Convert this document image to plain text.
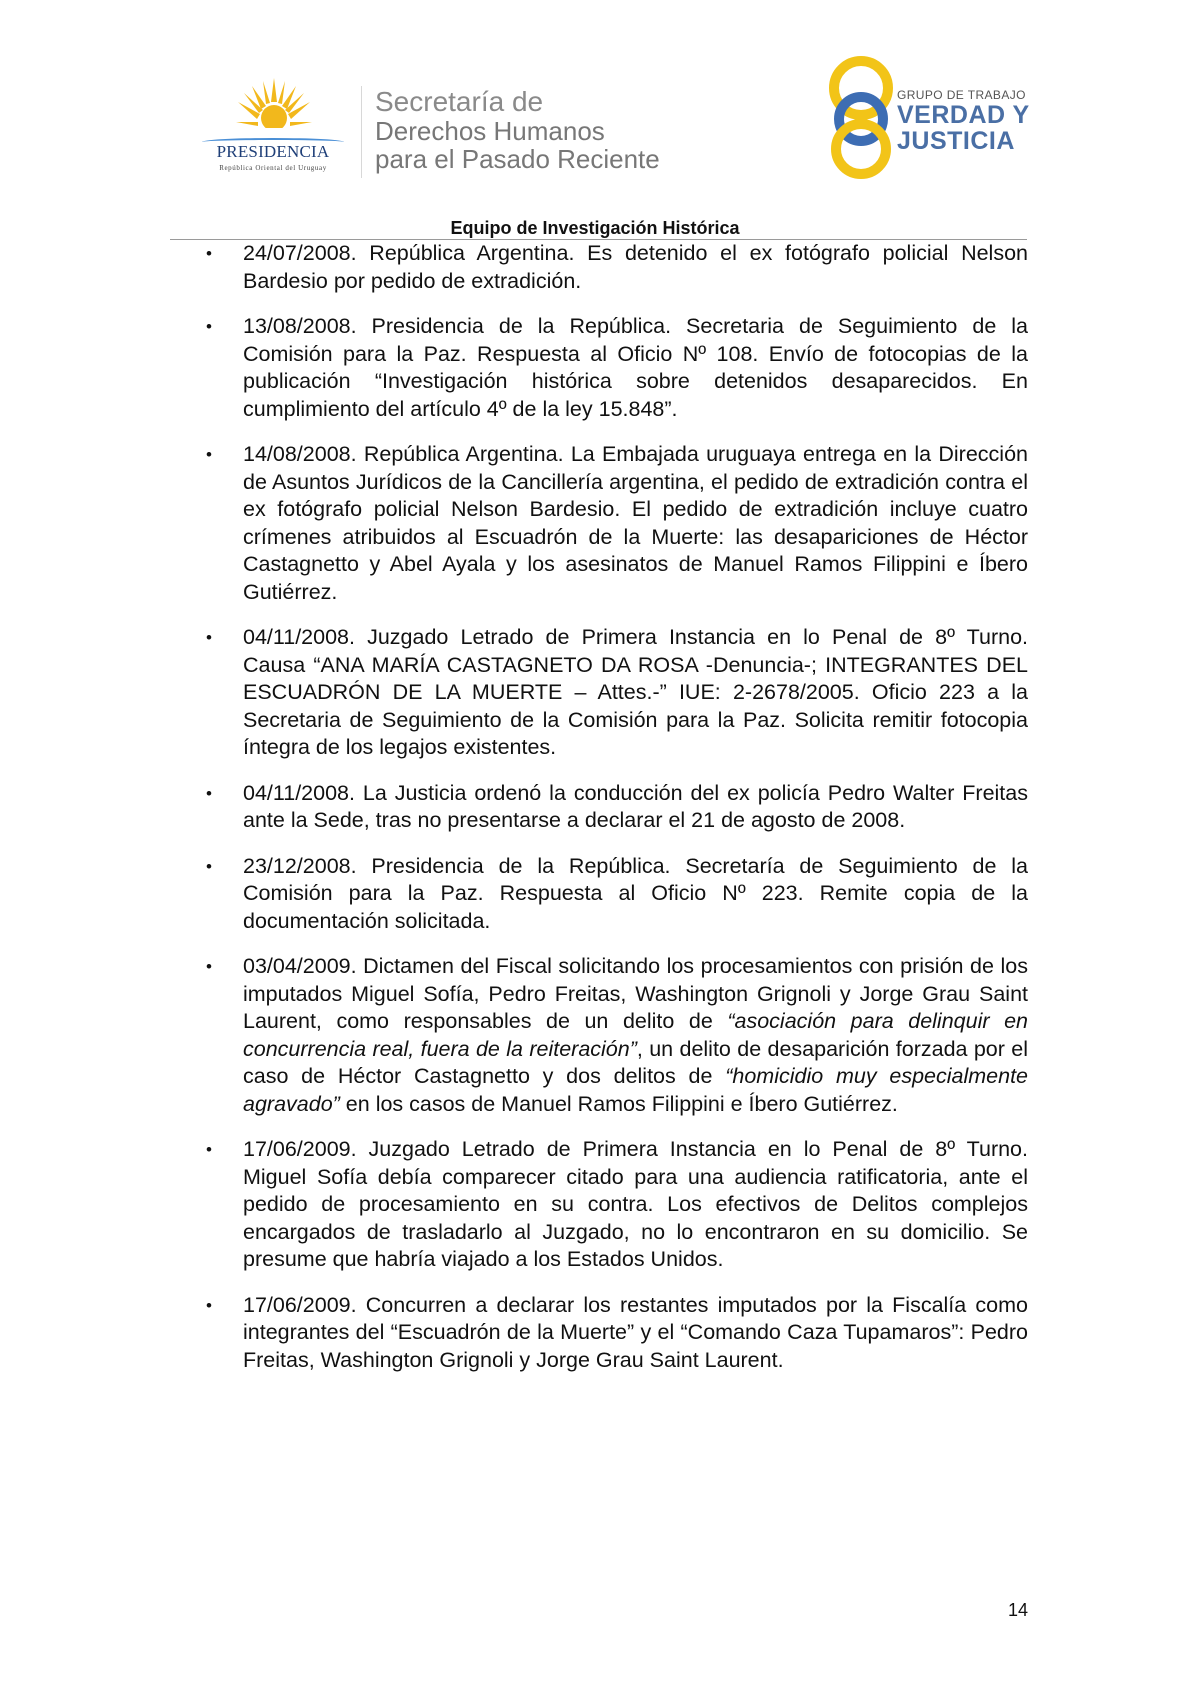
PRESIDENCIA
República Oriental del Uruguay
Secretaría de
Derechos Humanos
para el Pasado Reciente
GRUPO DE TRABAJO
VERDAD Y
JUSTICIA
Equipo de Investigación Histórica
• 24/07/2008. República Argentina. Es detenido el ex fotógrafo policial Nelson Bardesio por pedido de extradición.
• 13/08/2008. Presidencia de la República. Secretaria de Seguimiento de la Comisión para la Paz. Respuesta al Oficio Nº 108. Envío de fotocopias de la publicación “Investigación histórica sobre detenidos desaparecidos. En cumplimiento del artículo 4º de la ley 15.848”.
• 14/08/2008. República Argentina. La Embajada uruguaya entrega en la Dirección de Asuntos Jurídicos de la Cancillería argentina, el pedido de extradición contra el ex fotógrafo policial Nelson Bardesio. El pedido de extradición incluye cuatro crímenes atribuidos al Escuadrón de la Muerte: las desapariciones de Héctor Castagnetto y Abel Ayala y los asesinatos de Manuel Ramos Filippini e Íbero Gutiérrez.
• 04/11/2008. Juzgado Letrado de Primera Instancia en lo Penal de 8º Turno. Causa “ANA MARÍA CASTAGNETO DA ROSA -Denuncia-; INTEGRANTES DEL ESCUADRÓN DE LA MUERTE – Attes.-” IUE: 2-2678/2005. Oficio 223 a la Secretaria de Seguimiento de la Comisión para la Paz. Solicita remitir fotocopia íntegra de los legajos existentes.
• 04/11/2008. La Justicia ordenó la conducción del ex policía Pedro Walter Freitas ante la Sede, tras no presentarse a declarar el 21 de agosto de 2008.
• 23/12/2008. Presidencia de la República. Secretaría de Seguimiento de la Comisión para la Paz. Respuesta al Oficio Nº 223. Remite copia de la documentación solicitada.
• 03/04/2009. Dictamen del Fiscal solicitando los procesamientos con prisión de los imputados Miguel Sofía, Pedro Freitas, Washington Grignoli y Jorge Grau Saint Laurent, como responsables de un delito de “asociación para delinquir en concurrencia real, fuera de la reiteración”, un delito de desaparición forzada por el caso de Héctor Castagnetto y dos delitos de “homicidio muy especialmente agravado” en los casos de Manuel Ramos Filippini e Íbero Gutiérrez.
• 17/06/2009. Juzgado Letrado de Primera Instancia en lo Penal de 8º Turno. Miguel Sofía debía comparecer citado para una audiencia ratificatoria, ante el pedido de procesamiento en su contra. Los efectivos de Delitos complejos encargados de trasladarlo al Juzgado, no lo encontraron en su domicilio. Se presume que habría viajado a los Estados Unidos.
• 17/06/2009. Concurren a declarar los restantes imputados por la Fiscalía como integrantes del “Escuadrón de la Muerte” y el “Comando Caza Tupamaros”: Pedro Freitas, Washington Grignoli y Jorge Grau Saint Laurent.
14
